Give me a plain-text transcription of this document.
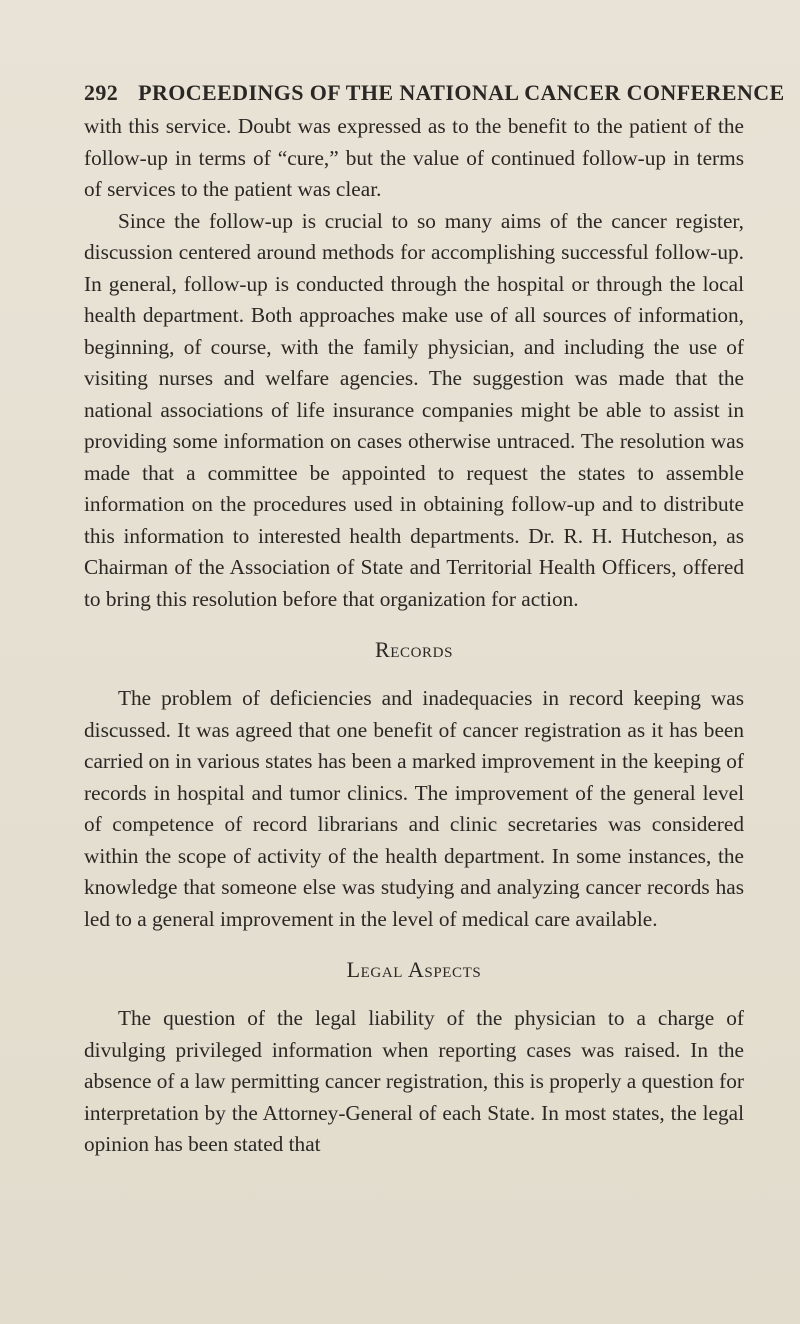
292 PROCEEDINGS OF THE NATIONAL CANCER CONFERENCE

with this service. Doubt was expressed as to the benefit to the patient of the follow-up in terms of “cure,” but the value of continued follow-up in terms of services to the patient was clear.

Since the follow-up is crucial to so many aims of the cancer register, discussion centered around methods for accomplishing successful follow-up. In general, follow-up is conducted through the hospital or through the local health department. Both approaches make use of all sources of information, beginning, of course, with the family physician, and including the use of visiting nurses and welfare agencies. The suggestion was made that the national associations of life insurance companies might be able to assist in providing some information on cases otherwise untraced. The resolution was made that a committee be appointed to request the states to assemble information on the procedures used in obtaining follow-up and to distribute this information to interested health departments. Dr. R. H. Hutcheson, as Chairman of the Association of State and Territorial Health Officers, offered to bring this resolution before that organization for action.

Records

The problem of deficiencies and inadequacies in record keeping was discussed. It was agreed that one benefit of cancer registration as it has been carried on in various states has been a marked improvement in the keeping of records in hospital and tumor clinics. The improvement of the general level of competence of record librarians and clinic secretaries was considered within the scope of activity of the health department. In some instances, the knowledge that someone else was studying and analyzing cancer records has led to a general improvement in the level of medical care available.

Legal Aspects

The question of the legal liability of the physician to a charge of divulging privileged information when reporting cases was raised. In the absence of a law permitting cancer registration, this is properly a question for interpretation by the Attorney-General of each State. In most states, the legal opinion has been stated that
